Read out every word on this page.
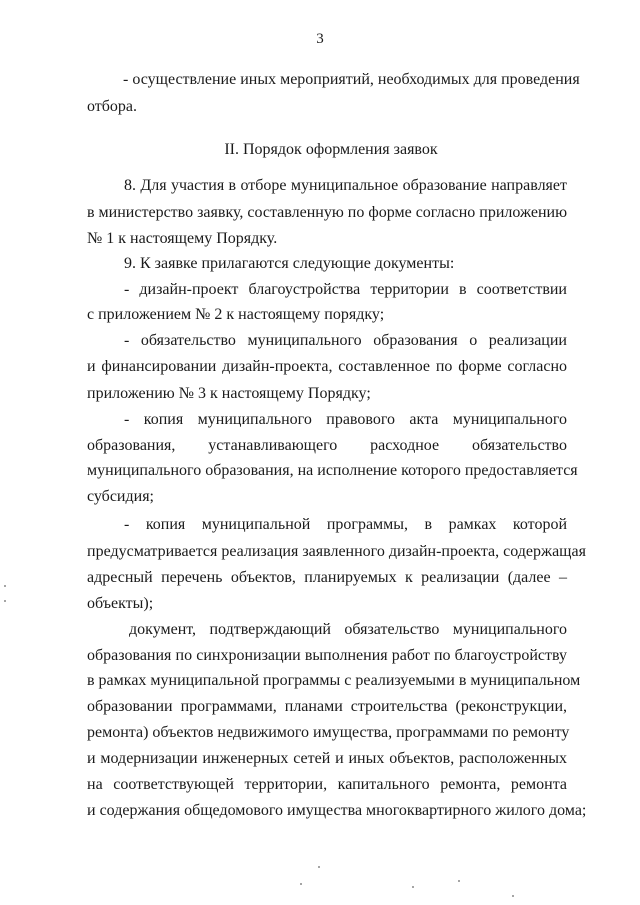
3
- осуществление иных мероприятий, необходимых для проведения
отбора.
II. Порядок оформления заявок
8. Для участия в отборе муниципальное образование направляет
в министерство заявку, составленную по форме согласно приложению
№ 1 к настоящему Порядку.
9. К заявке прилагаются следующие документы:
- дизайн-проект благоустройства территории в соответствии
с приложением № 2 к настоящему порядку;
- обязательство муниципального образования о реализации
и финансировании дизайн-проекта, составленное по форме согласно
приложению № 3 к настоящему Порядку;
- копия муниципального правового акта муниципального
образования, устанавливающего расходное обязательство
муниципального образования, на исполнение которого предоставляется
субсидия;
- копия муниципальной программы, в рамках которой
предусматривается реализация заявленного дизайн-проекта, содержащая
адресный перечень объектов, планируемых к реализации (далее –
объекты);
документ, подтверждающий обязательство муниципального
образования по синхронизации выполнения работ по благоустройству
в рамках муниципальной программы с реализуемыми в муниципальном
образовании программами, планами строительства (реконструкции,
ремонта) объектов недвижимого имущества, программами по ремонту
и модернизации инженерных сетей и иных объектов, расположенных
на соответствующей территории, капитального ремонта, ремонта
и содержания общедомового имущества многоквартирного жилого дома;
